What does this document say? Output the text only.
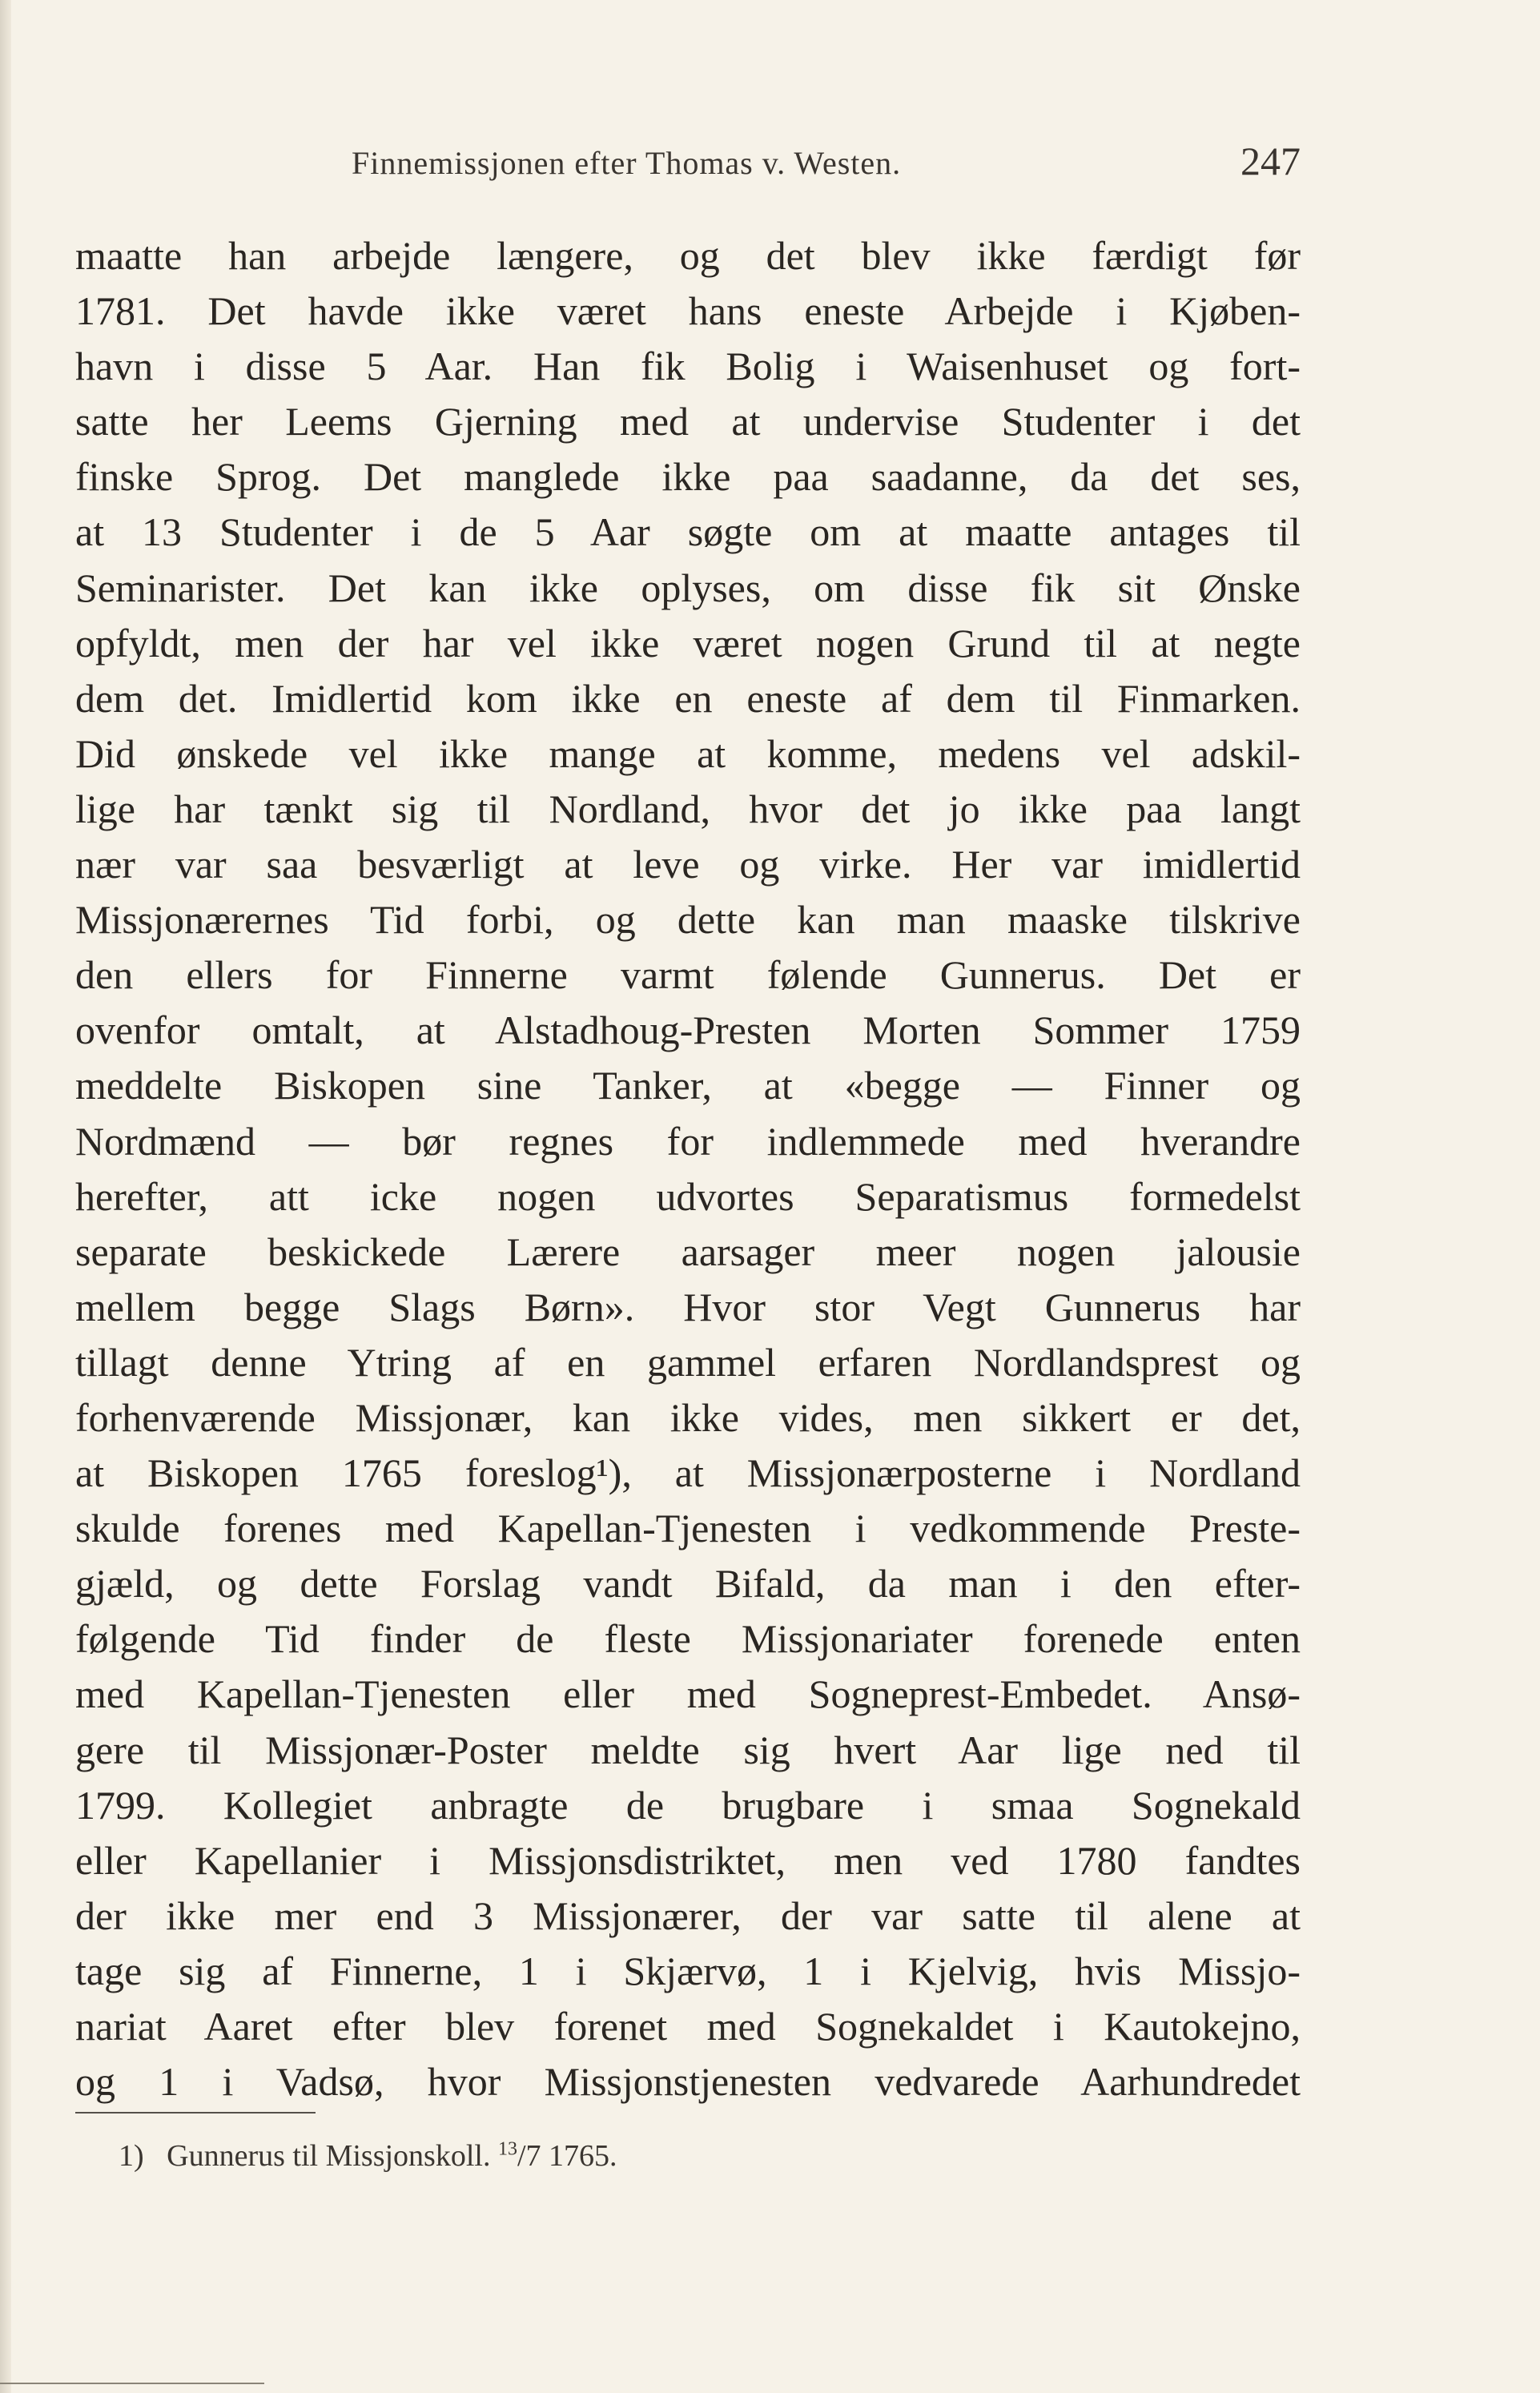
Finnemissjonen efter Thomas v. Westen.	247
maatte han arbejde længere, og det blev ikke færdigt før
1781. Det havde ikke været hans eneste Arbejde i Kjøben-
havn i disse 5 Aar. Han fik Bolig i Waisenhuset og fort-
satte her Leems Gjerning med at undervise Studenter i det
finske Sprog. Det manglede ikke paa saadanne, da det ses,
at 13 Studenter i de 5 Aar søgte om at maatte antages til
Seminarister. Det kan ikke oplyses, om disse fik sit Ønske
opfyldt, men der har vel ikke været nogen Grund til at negte
dem det. Imidlertid kom ikke en eneste af dem til Finmarken.
Did ønskede vel ikke mange at komme, medens vel adskil-
lige har tænkt sig til Nordland, hvor det jo ikke paa langt
nær var saa besværligt at leve og virke. Her var imidlertid
Missjonærernes Tid forbi, og dette kan man maaske tilskrive
den ellers for Finnerne varmt følende Gunnerus. Det er
ovenfor omtalt, at Alstadhoug-Presten Morten Sommer 1759
meddelte Biskopen sine Tanker, at «begge — Finner og
Nordmænd — bør regnes for indlemmede med hverandre
herefter, att icke nogen udvortes Separatismus formedelst
separate beskickede Lærere aarsager meer nogen jalousie
mellem begge Slags Børn». Hvor stor Vegt Gunnerus har
tillagt denne Ytring af en gammel erfaren Nordlandsprest og
forhenværende Missjonær, kan ikke vides, men sikkert er det,
at Biskopen 1765 foreslog¹), at Missjonærposterne i Nordland
skulde forenes med Kapellan-Tjenesten i vedkommende Preste-
gjæld, og dette Forslag vandt Bifald, da man i den efter-
følgende Tid finder de fleste Missjonariater forenede enten
med Kapellan-Tjenesten eller med Sogneprest-Embedet. Ansø-
gere til Missjonær-Poster meldte sig hvert Aar lige ned til
1799. Kollegiet anbragte de brugbare i smaa Sognekald
eller Kapellanier i Missjonsdistriktet, men ved 1780 fandtes
der ikke mer end 3 Missjonærer, der var satte til alene at
tage sig af Finnerne, 1 i Skjærvø, 1 i Kjelvig, hvis Missjo-
nariat Aaret efter blev forenet med Sognekaldet i Kautokejno,
og 1 i Vadsø, hvor Missjonstjenesten vedvarede Aarhundredet
1) Gunnerus til Missjonskoll. $^{13}$/7 1765.
